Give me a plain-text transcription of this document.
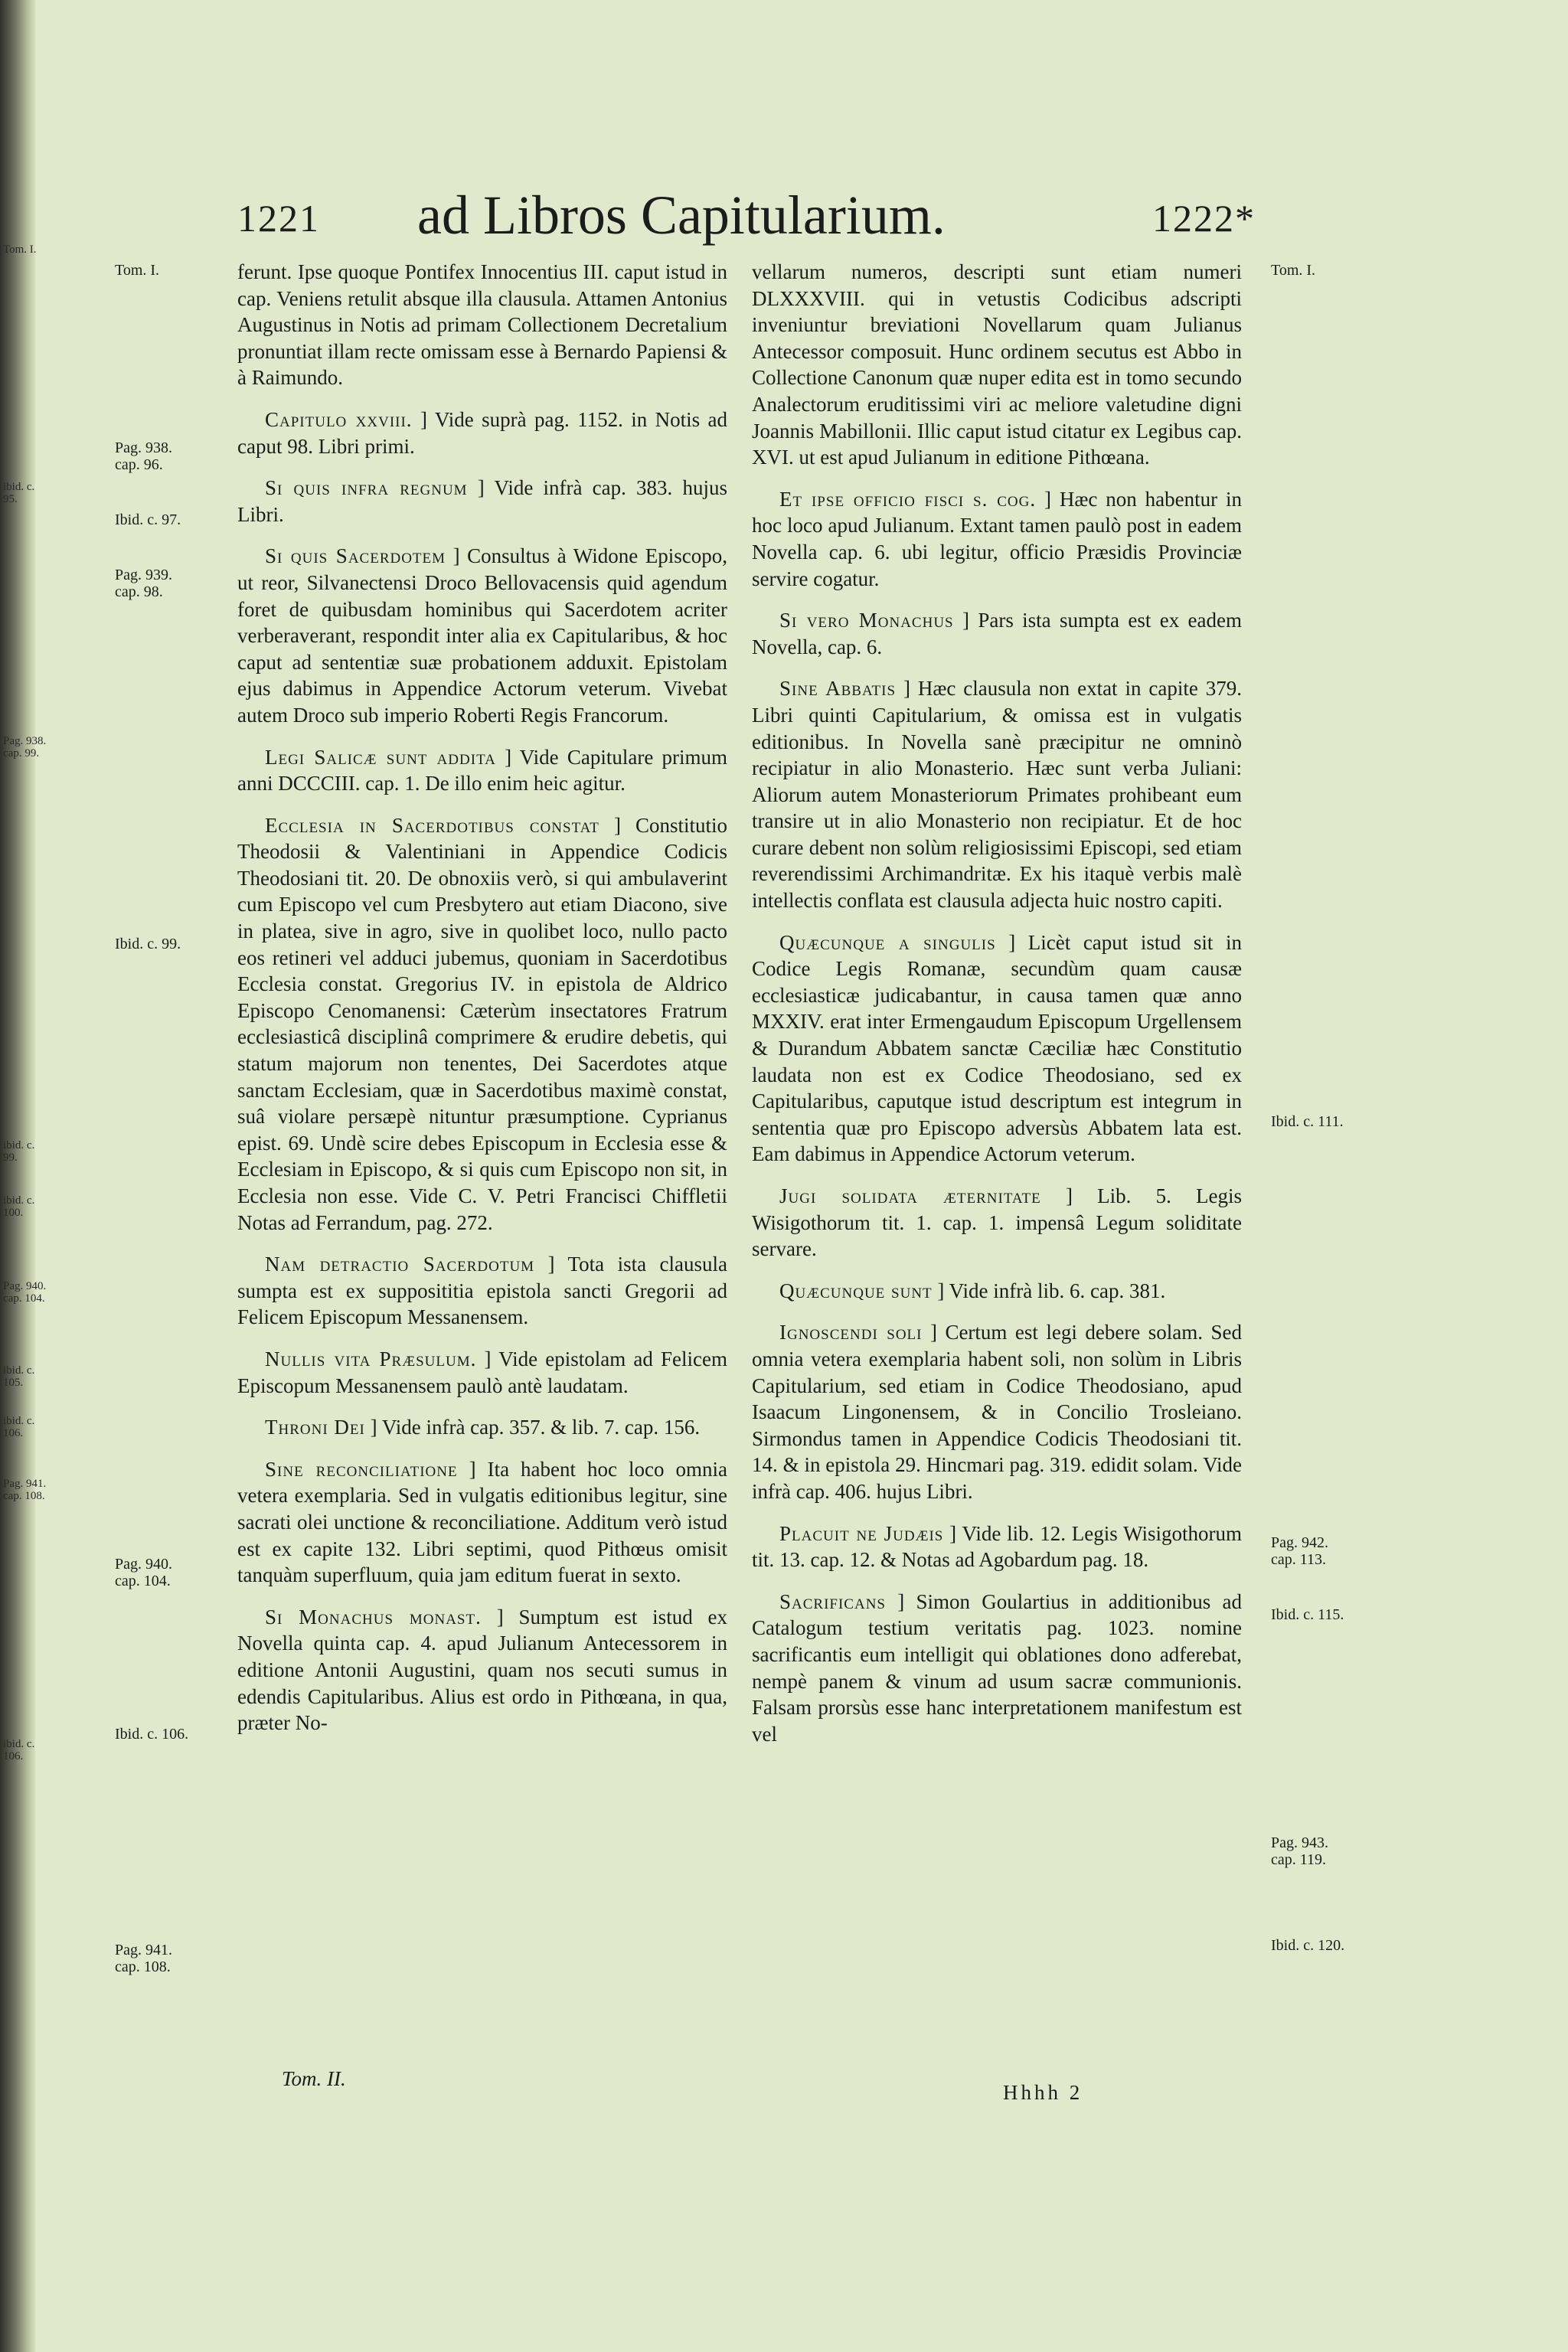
Tom. I.
ibid. c. 95.
Pag. 938. cap. 99.
ibid. c. 99.
ibid. c. 100.
Pag. 940. cap. 104.
ibid. c. 105.
ibid. c. 106.
Pag. 941. cap. 108.
ibid. c. 106.
1221 ad Libros Capitularium.	1222*
Tom. I.
Pag. 938. cap. 96.
Ibid. c. 97.
Pag. 939. cap. 98.
Ibid. c. 99.
Pag. 940. cap. 104.
Ibid. c. 106.
Pag. 941. cap. 108.
Tom. I.
Ibid. c. 111.
Pag. 942. cap. 113.
Ibid. c. 115.
Pag. 943. cap. 119.
Ibid. c. 120.

ferunt. Ipse quoque Pontifex Innocentius III. caput istud in cap. Veniens retulit absque illa clausula. Attamen Antonius Augustinus in Notis ad primam Collectionem Decretalium pronuntiat illam recte omissam esse à Bernardo Papiensi & à Raimundo.

Capitulo xxviii. ] Vide suprà pag. 1152. in Notis ad caput 98. Libri primi.

Si quis infra regnum ] Vide infrà cap. 383. hujus Libri.

Si quis Sacerdotem ] Consultus à Widone Episcopo, ut reor, Silvanectensi Droco Bellovacensis quid agendum foret de quibusdam hominibus qui Sacerdotem acriter verberaverant, respondit inter alia ex Capitularibus, & hoc caput ad sententiæ suæ probationem adduxit. Epistolam ejus dabimus in Appendice Actorum veterum. Vivebat autem Droco sub imperio Roberti Regis Francorum.

Legi Salicæ sunt addita ] Vide Capitulare primum anni DCCCIII. cap. 1. De illo enim heic agitur.

Ecclesia in Sacerdotibus constat ] Constitutio Theodosii & Valentiniani in Appendice Codicis Theodosiani tit. 20. De obnoxiis verò, si qui ambulaverint cum Episcopo vel cum Presbytero aut etiam Diacono, sive in platea, sive in agro, sive in quolibet loco, nullo pacto eos retineri vel adduci jubemus, quoniam in Sacerdotibus Ecclesia constat. Gregorius IV. in epistola de Aldrico Episcopo Cenomanensi: Cæterùm insectatores Fratrum ecclesiasticâ disciplinâ comprimere & erudire debetis, qui statum majorum non tenentes, Dei Sacerdotes atque sanctam Ecclesiam, quæ in Sacerdotibus maximè constat, suâ violare persæpè nituntur præsumptione. Cyprianus epist. 69. Undè scire debes Episcopum in Ecclesia esse & Ecclesiam in Episcopo, & si quis cum Episcopo non sit, in Ecclesia non esse. Vide C. V. Petri Francisci Chiffletii Notas ad Ferrandum, pag. 272.

Nam detractio Sacerdotum ] Tota ista clausula sumpta est ex supposititia epistola sancti Gregorii ad Felicem Episcopum Messanensem.

Nullis vita Præsulum. ] Vide epistolam ad Felicem Episcopum Messanensem paulò antè laudatam.

Throni Dei ] Vide infrà cap. 357. & lib. 7. cap. 156.

Sine reconciliatione ] Ita habent hoc loco omnia vetera exemplaria. Sed in vulgatis editionibus legitur, sine sacrati olei unctione & reconciliatione. Additum verò istud est ex capite 132. Libri septimi, quod Pithœus omisit tanquàm superfluum, quia jam editum fuerat in sexto.

Si Monachus monast. ] Sumptum est istud ex Novella quinta cap. 4. apud Julianum Antecessorem in editione Antonii Augustini, quam nos secuti sumus in edendis Capitularibus. Alius est ordo in Pithœana, in qua, præter No-

vellarum numeros, descripti sunt etiam numeri DLXXXVIII. qui in vetustis Codicibus adscripti inveniuntur breviationi Novellarum quam Julianus Antecessor composuit. Hunc ordinem secutus est Abbo in Collectione Canonum quæ nuper edita est in tomo secundo Analectorum eruditissimi viri ac meliore valetudine digni Joannis Mabillonii. Illic caput istud citatur ex Legibus cap. XVI. ut est apud Julianum in editione Pithœana.

Et ipse officio fisci s. cog. ] Hæc non habentur in hoc loco apud Julianum. Extant tamen paulò post in eadem Novella cap. 6. ubi legitur, officio Præsidis Provinciæ servire cogatur.

Si vero Monachus ] Pars ista sumpta est ex eadem Novella, cap. 6.

Sine Abbatis ] Hæc clausula non extat in capite 379. Libri quinti Capitularium, & omissa est in vulgatis editionibus. In Novella sanè præcipitur ne omninò recipiatur in alio Monasterio. Hæc sunt verba Juliani: Aliorum autem Monasteriorum Primates prohibeant eum transire ut in alio Monasterio non recipiatur. Et de hoc curare debent non solùm religiosissimi Episcopi, sed etiam reverendissimi Archimandritæ. Ex his itaquè verbis malè intellectis conflata est clausula adjecta huic nostro capiti.

Quæcunque a singulis ] Licèt caput istud sit in Codice Legis Romanæ, secundùm quam causæ ecclesiasticæ judicabantur, in causa tamen quæ anno MXXIV. erat inter Ermengaudum Episcopum Urgellensem & Durandum Abbatem sanctæ Cæciliæ hæc Constitutio laudata non est ex Codice Theodosiano, sed ex Capitularibus, caputque istud descriptum est integrum in sententia quæ pro Episcopo adversùs Abbatem lata est. Eam dabimus in Appendice Actorum veterum.

Jugi solidata æternitate ] Lib. 5. Legis Wisigothorum tit. 1. cap. 1. impensâ Legum soliditate servare.

Quæcunque sunt ] Vide infrà lib. 6. cap. 381.

Ignoscendi soli ] Certum est legi debere solam. Sed omnia vetera exemplaria habent soli, non solùm in Libris Capitularium, sed etiam in Codice Theodosiano, apud Isaacum Lingonensem, & in Concilio Trosleiano. Sirmondus tamen in Appendice Codicis Theodosiani tit. 14. & in epistola 29. Hincmari pag. 319. edidit solam. Vide infrà cap. 406. hujus Libri.

Placuit ne Judæis ] Vide lib. 12. Legis Wisigothorum tit. 13. cap. 12. & Notas ad Agobardum pag. 18.

Sacrificans ] Simon Goulartius in additionibus ad Catalogum testium veritatis pag. 1023. nomine sacrificantis eum intelligit qui oblationes dono adferebat, nempè panem & vinum ad usum sacræ communionis. Falsam prorsùs esse hanc interpretationem manifestum est vel

Tom. II.
Hhhh 2
